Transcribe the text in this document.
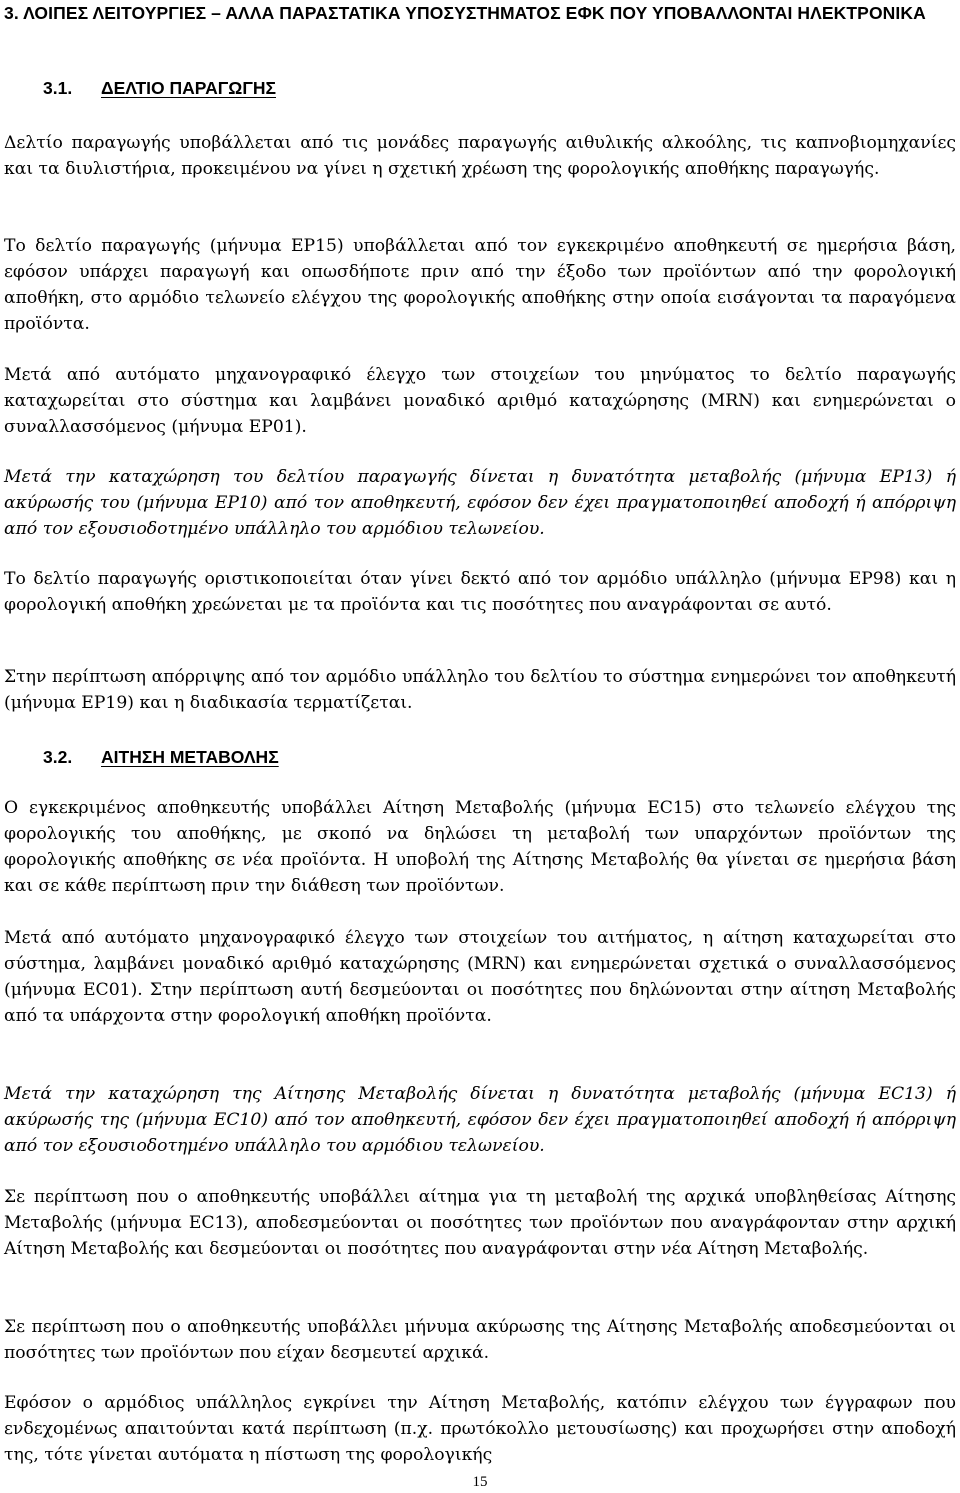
3. ΛΟΙΠΕΣ ΛΕΙΤΟΥΡΓΙΕΣ – ΑΛΛΑ ΠΑΡΑΣΤΑΤΙΚΑ ΥΠΟΣΥΣΤΗΜΑΤΟΣ ΕΦΚ ΠΟΥ ΥΠΟΒΑΛΛΟΝΤΑΙ ΗΛΕΚΤΡΟΝΙΚΑ
3.1. ΔΕΛΤΙΟ ΠΑΡΑΓΩΓΗΣ

Δελτίο παραγωγής υποβάλλεται από τις μονάδες παραγωγής αιθυλικής αλκοόλης, τις καπνοβιομηχανίες και τα διυλιστήρια, προκειμένου να γίνει η σχετική χρέωση της φορολογικής αποθήκης παραγωγής.

Το δελτίο παραγωγής (μήνυμα EP15) υποβάλλεται από τον εγκεκριμένο αποθηκευτή σε ημερήσια βάση, εφόσον υπάρχει παραγωγή και οπωσδήποτε πριν από την έξοδο των προϊόντων από την φορολογική αποθήκη, στο αρμόδιο τελωνείο ελέγχου της φορολογικής αποθήκης στην οποία εισάγονται τα παραγόμενα προϊόντα.

Μετά από αυτόματο μηχανογραφικό έλεγχο των στοιχείων του μηνύματος το δελτίο παραγωγής καταχωρείται στο σύστημα και λαμβάνει μοναδικό αριθμό καταχώρησης (MRN) και ενημερώνεται ο συναλλασσόμενος (μήνυμα EP01).

Μετά την καταχώρηση του δελτίου παραγωγής δίνεται η δυνατότητα μεταβολής (μήνυμα EP13) ή ακύρωσής του (μήνυμα EP10) από τον αποθηκευτή, εφόσον δεν έχει πραγματοποιηθεί αποδοχή ή απόρριψη από τον εξουσιοδοτημένο υπάλληλο του αρμόδιου τελωνείου.

Το δελτίο παραγωγής οριστικοποιείται όταν γίνει δεκτό από τον αρμόδιο υπάλληλο (μήνυμα EP98) και η φορολογική αποθήκη χρεώνεται με τα προϊόντα και τις ποσότητες που αναγράφονται σε αυτό.

Στην περίπτωση απόρριψης από τον αρμόδιο υπάλληλο του δελτίου το σύστημα ενημερώνει τον αποθηκευτή (μήνυμα EP19) και η διαδικασία τερματίζεται.

3.2. ΑΙΤΗΣΗ ΜΕΤΑΒΟΛΗΣ

Ο εγκεκριμένος αποθηκευτής υποβάλλει Αίτηση Μεταβολής (μήνυμα EC15) στο τελωνείο ελέγχου της φορολογικής του αποθήκης, με σκοπό να δηλώσει τη μεταβολή των υπαρχόντων προϊόντων της φορολογικής αποθήκης σε νέα προϊόντα. Η υποβολή της Αίτησης Μεταβολής θα γίνεται σε ημερήσια βάση και σε κάθε περίπτωση πριν την διάθεση των προϊόντων.

Μετά από αυτόματο μηχανογραφικό έλεγχο των στοιχείων του αιτήματος, η αίτηση καταχωρείται στο σύστημα, λαμβάνει μοναδικό αριθμό καταχώρησης (MRN) και ενημερώνεται σχετικά ο συναλλασσόμενος (μήνυμα EC01). Στην περίπτωση αυτή δεσμεύονται οι ποσότητες που δηλώνονται στην αίτηση Μεταβολής από τα υπάρχοντα στην φορολογική αποθήκη προϊόντα.

Μετά την καταχώρηση της Αίτησης Μεταβολής δίνεται η δυνατότητα μεταβολής (μήνυμα EC13) ή ακύρωσής της (μήνυμα EC10) από τον αποθηκευτή, εφόσον δεν έχει πραγματοποιηθεί αποδοχή ή απόρριψη από τον εξουσιοδοτημένο υπάλληλο του αρμόδιου τελωνείου.

Σε περίπτωση που ο αποθηκευτής υποβάλλει αίτημα για τη μεταβολή της αρχικά υποβληθείσας Αίτησης Μεταβολής (μήνυμα EC13), αποδεσμεύονται οι ποσότητες των προϊόντων που αναγράφονταν στην αρχική Αίτηση Μεταβολής και δεσμεύονται οι ποσότητες που αναγράφονται στην νέα Αίτηση Μεταβολής.

Σε περίπτωση που ο αποθηκευτής υποβάλλει μήνυμα ακύρωσης της Αίτησης Μεταβολής αποδεσμεύονται οι ποσότητες των προϊόντων που είχαν δεσμευτεί αρχικά.

Εφόσον ο αρμόδιος υπάλληλος εγκρίνει την Αίτηση Μεταβολής, κατόπιν ελέγχου των έγγραφων που ενδεχομένως απαιτούνται κατά περίπτωση (π.χ. πρωτόκολλο μετουσίωσης) και προχωρήσει στην αποδοχή της, τότε γίνεται αυτόματα η πίστωση της φορολογικής

15
